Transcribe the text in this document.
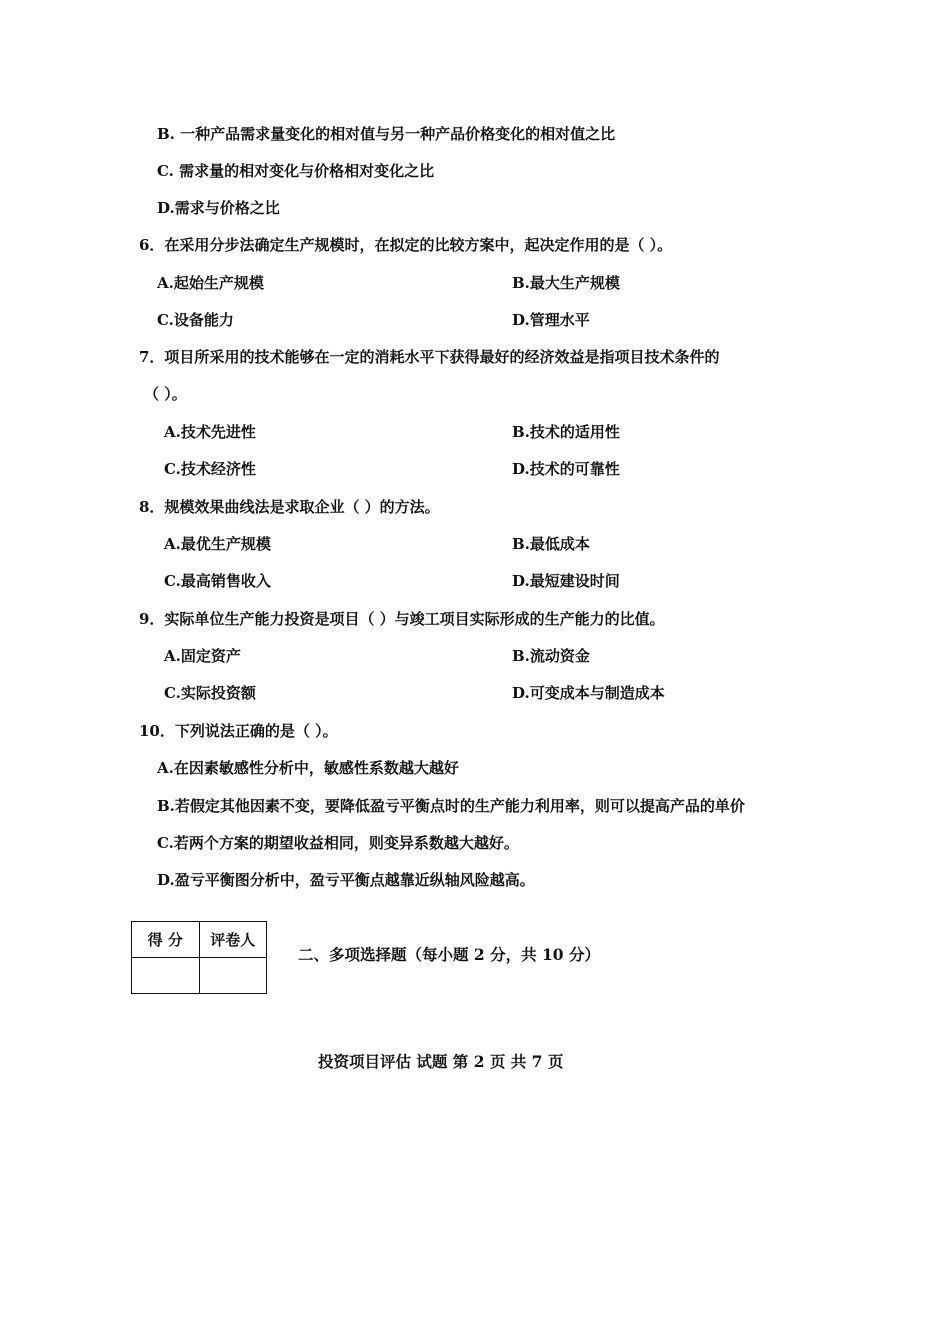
B. 一种产品需求量变化的相对值与另一种产品价格变化的相对值之比
C. 需求量的相对变化与价格相对变化之比
D.需求与价格之比
6．在采用分步法确定生产规模时，在拟定的比较方案中，起决定作用的是（ ）。
A.起始生产规模	B.最大生产规模
C.设备能力	D.管理水平
7．项目所采用的技术能够在一定的消耗水平下获得最好的经济效益是指项目技术条件的
（ ）。
A.技术先进性	B.技术的适用性
C.技术经济性	D.技术的可靠性
8．规模效果曲线法是求取企业（ ）的方法。
A.最优生产规模	B.最低成本
C.最高销售收入	D.最短建设时间
9．实际单位生产能力投资是项目（ ）与竣工项目实际形成的生产能力的比值。
A.固定资产	B.流动资金
C.实际投资额	D.可变成本与制造成本
10．下列说法正确的是（ ）。
A.在因素敏感性分析中，敏感性系数越大越好
B.若假定其他因素不变，要降低盈亏平衡点时的生产能力利用率，则可以提高产品的单价
C.若两个方案的期望收益相同，则变异系数越大越好。
D.盈亏平衡图分析中，盈亏平衡点越靠近纵轴风险越高。
得 分	评卷人

二、多项选择题（每小题 2 分，共 10 分）
投资项目评估 试题 第 2 页 共 7 页
